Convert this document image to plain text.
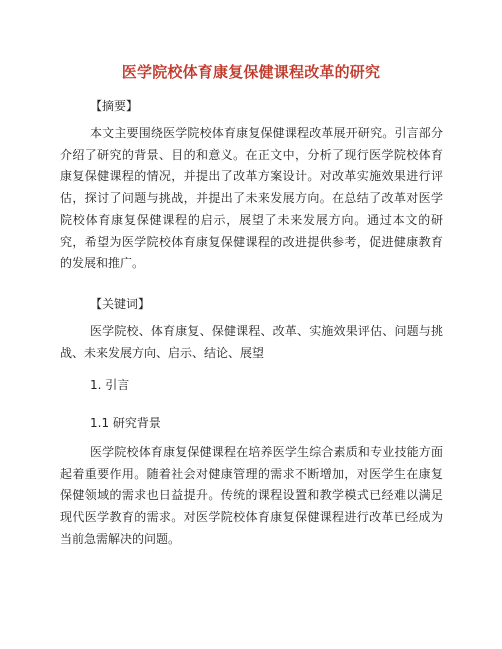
医学院校体育康复保健课程改革的研究
【摘要】
本文主要围绕医学院校体育康复保健课程改革展开研究。引言部分介绍了研究的背景、目的和意义。在正文中，分析了现行医学院校体育康复保健课程的情况，并提出了改革方案设计。对改革实施效果进行评估，探讨了问题与挑战，并提出了未来发展方向。在总结了改革对医学院校体育康复保健课程的启示，展望了未来发展方向。通过本文的研究，希望为医学院校体育康复保健课程的改进提供参考，促进健康教育的发展和推广。
【关键词】
医学院校、体育康复、保健课程、改革、实施效果评估、问题与挑战、未来发展方向、启示、结论、展望
1. 引言
1.1 研究背景
医学院校体育康复保健课程在培养医学生综合素质和专业技能方面起着重要作用。随着社会对健康管理的需求不断增加，对医学生在康复保健领域的需求也日益提升。传统的课程设置和教学模式已经难以满足现代医学教育的需求。对医学院校体育康复保健课程进行改革已经成为当前急需解决的问题。
